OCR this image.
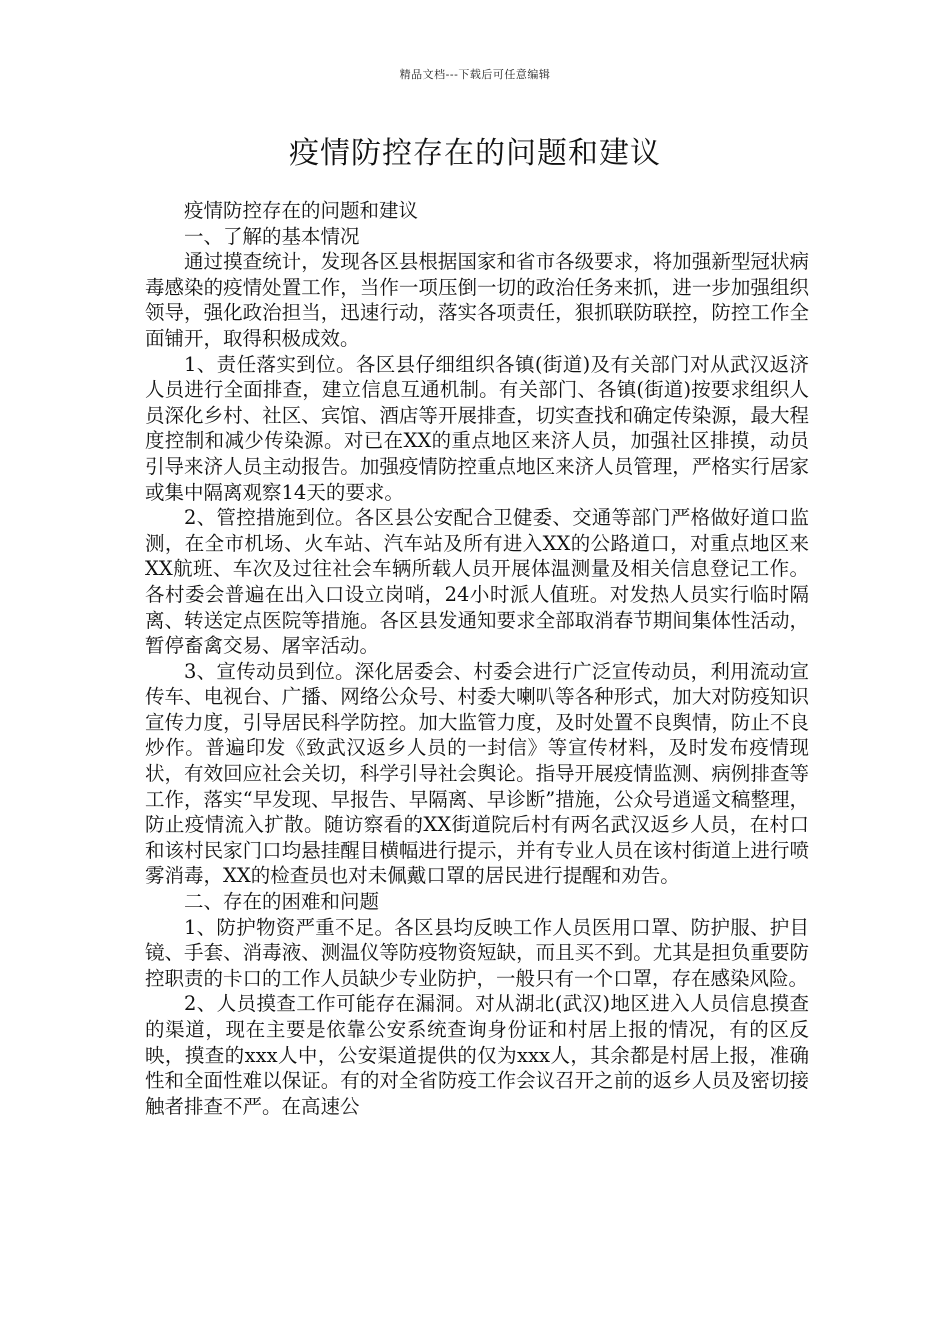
精品文档---下载后可任意编辑
疫情防控存在的问题和建议

疫情防控存在的问题和建议

一、了解的基本情况

通过摸查统计，发现各区县根据国家和省市各级要求，将加强新型冠状病毒感染的疫情处置工作，当作一项压倒一切的政治任务来抓，进一步加强组织领导，强化政治担当，迅速行动，落实各项责任，狠抓联防联控，防控工作全面铺开，取得积极成效。

1、责任落实到位。各区县仔细组织各镇(街道)及有关部门对从武汉返济人员进行全面排查，建立信息互通机制。有关部门、各镇(街道)按要求组织人员深化乡村、社区、宾馆、酒店等开展排查，切实查找和确定传染源，最大程度控制和减少传染源。对已在XX的重点地区来济人员，加强社区排摸，动员引导来济人员主动报告。加强疫情防控重点地区来济人员管理，严格实行居家或集中隔离观察14天的要求。

2、管控措施到位。各区县公安配合卫健委、交通等部门严格做好道口监测，在全市机场、火车站、汽车站及所有进入XX的公路道口，对重点地区来XX航班、车次及过往社会车辆所载人员开展体温测量及相关信息登记工作。各村委会普遍在出入口设立岗哨，24小时派人值班。对发热人员实行临时隔离、转送定点医院等措施。各区县发通知要求全部取消春节期间集体性活动，暂停畜禽交易、屠宰活动。

3、宣传动员到位。深化居委会、村委会进行广泛宣传动员，利用流动宣传车、电视台、广播、网络公众号、村委大喇叭等各种形式，加大对防疫知识宣传力度，引导居民科学防控。加大监管力度，及时处置不良舆情，防止不良炒作。普遍印发《致武汉返乡人员的一封信》等宣传材料，及时发布疫情现状，有效回应社会关切，科学引导社会舆论。指导开展疫情监测、病例排查等工作，落实“早发现、早报告、早隔离、早诊断”措施，公众号逍遥文稿整理，防止疫情流入扩散。随访察看的XX街道院后村有两名武汉返乡人员，在村口和该村民家门口均悬挂醒目横幅进行提示，并有专业人员在该村街道上进行喷雾消毒，XX的检查员也对未佩戴口罩的居民进行提醒和劝告。

二、存在的困难和问题

1、防护物资严重不足。各区县均反映工作人员医用口罩、防护服、护目镜、手套、消毒液、测温仪等防疫物资短缺，而且买不到。尤其是担负重要防控职责的卡口的工作人员缺少专业防护，一般只有一个口罩，存在感染风险。

2、人员摸查工作可能存在漏洞。对从湖北(武汉)地区进入人员信息摸查的渠道，现在主要是依靠公安系统查询身份证和村居上报的情况，有的区反映，摸查的xxx人中，公安渠道提供的仅为xxx人，其余都是村居上报，准确性和全面性难以保证。有的对全省防疫工作会议召开之前的返乡人员及密切接触者排查不严。在高速公
